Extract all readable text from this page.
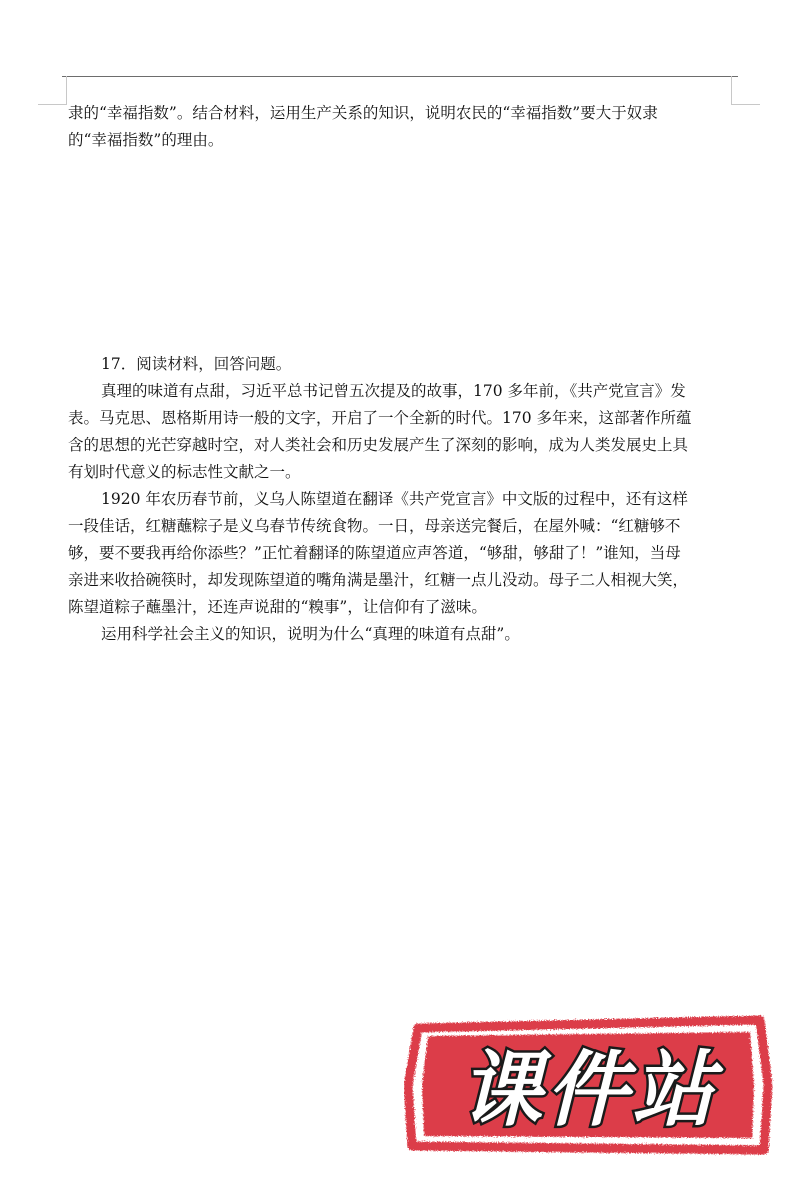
隶的“幸福指数”。结合材料，运用生产关系的知识，说明农民的“幸福指数”要大于奴隶
的“幸福指数”的理由。
17．阅读材料，回答问题。
真理的味道有点甜，习近平总书记曾五次提及的故事，170 多年前，《共产党宣言》发
表。马克思、恩格斯用诗一般的文字，开启了一个全新的时代。170 多年来，这部著作所蕴
含的思想的光芒穿越时空，对人类社会和历史发展产生了深刻的影响，成为人类发展史上具
有划时代意义的标志性文献之一。
1920 年农历春节前，义乌人陈望道在翻译《共产党宣言》中文版的过程中，还有这样
一段佳话，红糖蘸粽子是义乌春节传统食物。一日，母亲送完餐后，在屋外喊：“红糖够不
够，要不要我再给你添些？”正忙着翻译的陈望道应声答道，“够甜，够甜了！”谁知，当母
亲进来收拾碗筷时，却发现陈望道的嘴角满是墨汁，红糖一点儿没动。母子二人相视大笑，
陈望道粽子蘸墨汁，还连声说甜的“糗事”，让信仰有了滋味。
运用科学社会主义的知识，说明为什么“真理的味道有点甜”。
课件站
